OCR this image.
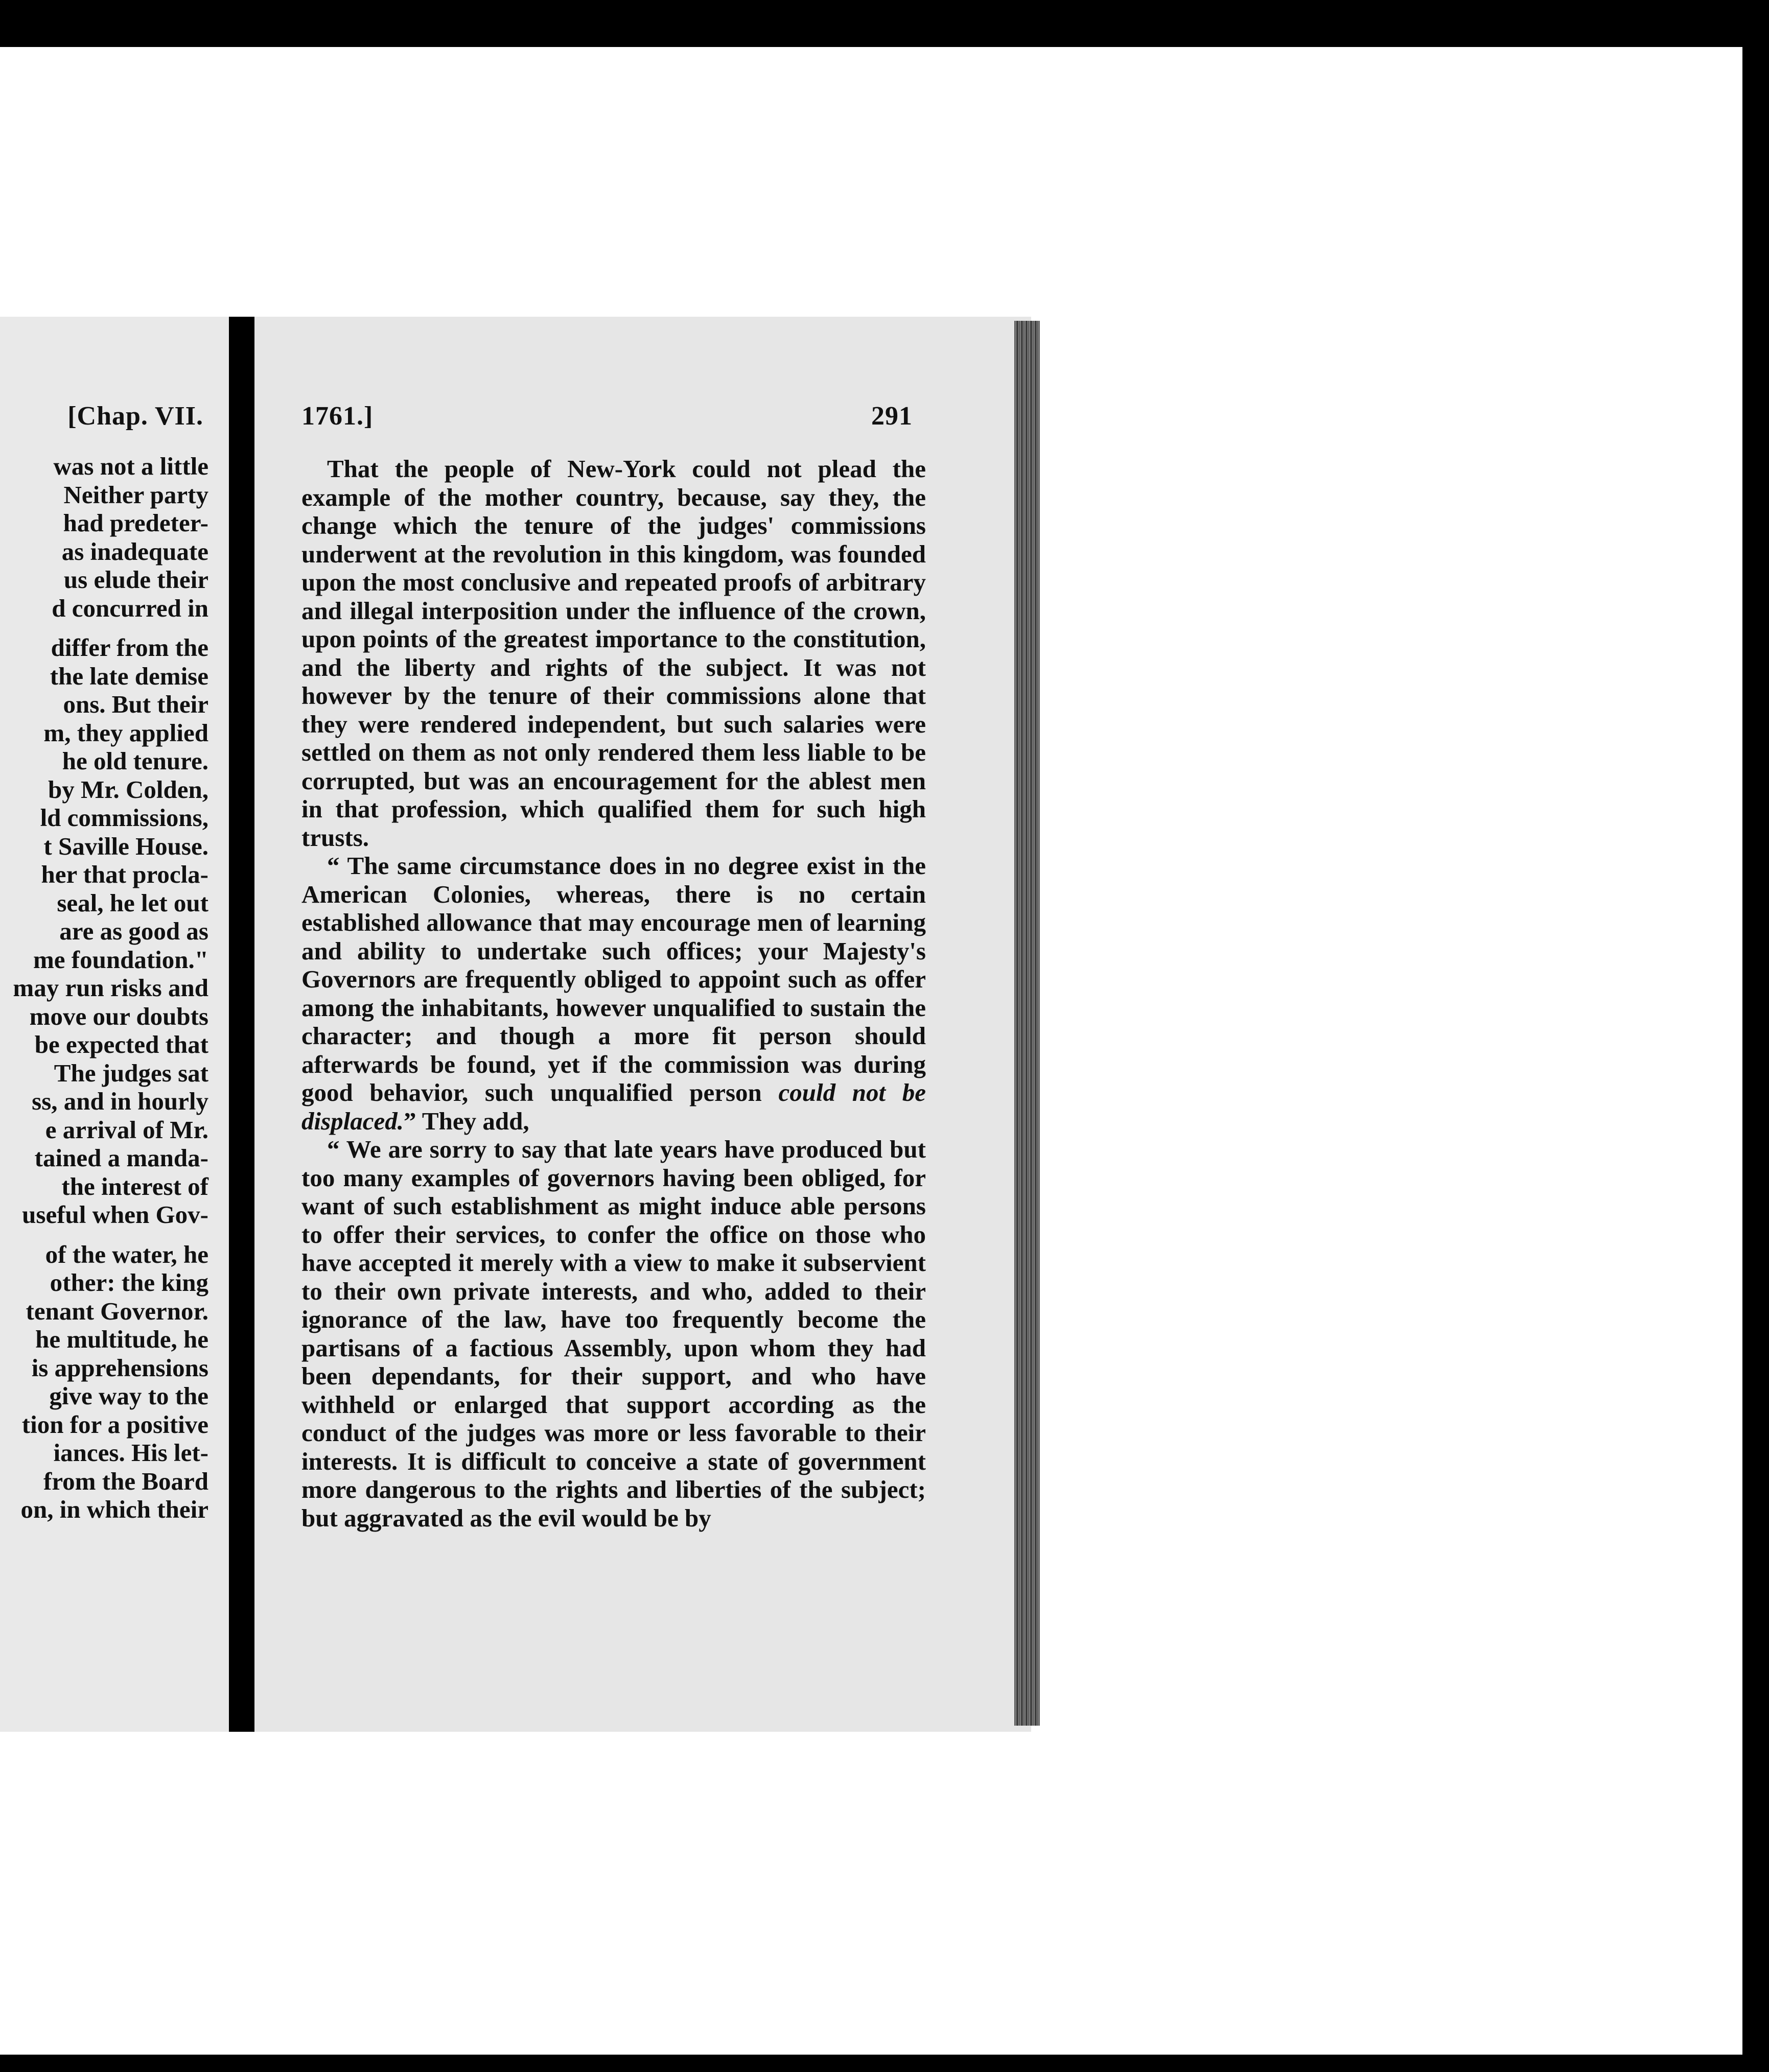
[Chap. VII.
was not a little
Neither party
had predeter-
as inadequate
us elude their
d concurred in
differ from the
the late demise
ons. But their
m, they applied
he old tenure.
by Mr. Colden,
ld commissions,
t Saville House.
her that procla-
seal, he let out
are as good as
me foundation."
may run risks and
move our doubts
be expected that
The judges sat
ss, and in hourly
e arrival of Mr.
tained a manda-
the interest of
useful when Gov-
of the water, he
other: the king
tenant Governor.
he multitude, he
is apprehensions
give way to the
tion for a positive
iances. His let-
from the Board
on, in which their
1761.]	291

That the people of New-York could not plead the example of the mother country, because, say they, the change which the tenure of the judges' commissions underwent at the revolution in this kingdom, was founded upon the most conclusive and repeated proofs of arbitrary and illegal interposition under the influence of the crown, upon points of the greatest importance to the constitution, and the liberty and rights of the subject. It was not however by the tenure of their commissions alone that they were rendered independent, but such salaries were settled on them as not only rendered them less liable to be corrupted, but was an encouragement for the ablest men in that profession, which qualified them for such high trusts.

“ The same circumstance does in no degree exist in the American Colonies, whereas, there is no certain established allowance that may encourage men of learning and ability to undertake such offices; your Majesty's Governors are frequently obliged to appoint such as offer among the inhabitants, however unqualified to sustain the character; and though a more fit person should afterwards be found, yet if the commission was during good behavior, such unqualified person could not be displaced.” They add,

“ We are sorry to say that late years have produced but too many examples of governors having been obliged, for want of such establishment as might induce able persons to offer their services, to confer the office on those who have accepted it merely with a view to make it subservient to their own private interests, and who, added to their ignorance of the law, have too frequently become the partisans of a factious Assembly, upon whom they had been dependants, for their support, and who have withheld or enlarged that support according as the conduct of the judges was more or less favorable to their interests. It is difficult to conceive a state of government more dangerous to the rights and liberties of the subject; but aggravated as the evil would be by
